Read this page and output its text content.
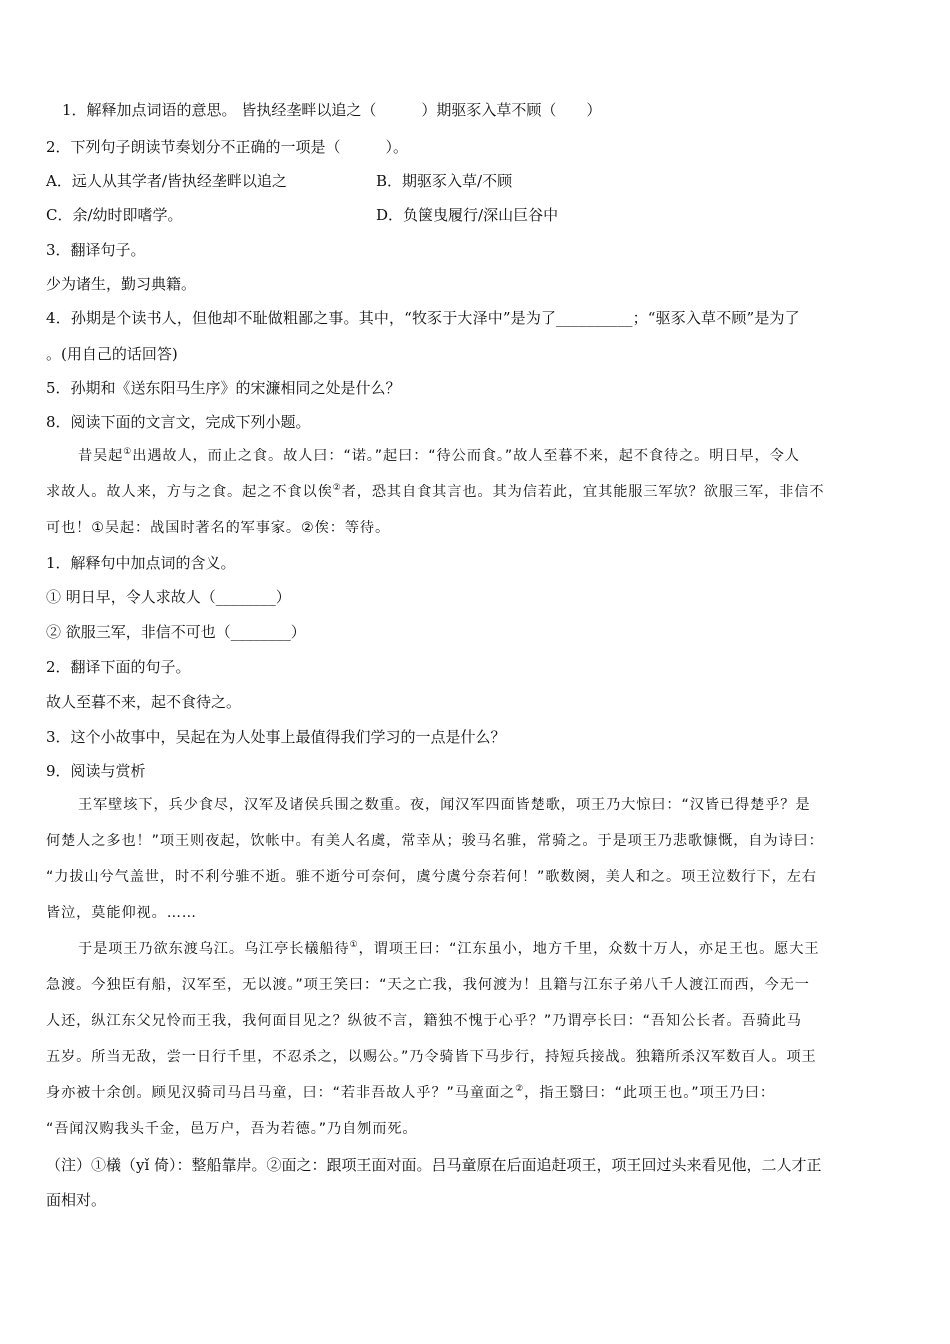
1．解释加点词语的意思。 皆执经垄畔以追之（　　　）期驱豕入草不顾（　　）
2．下列句子朗读节奏划分不正确的一项是（　　　）。
A．远人从其学者/皆执经垄畔以追之	B．期驱豕入草/不顾
C．余/幼时即嗜学。	D．负箧曳履行/深山巨谷中
3．翻译句子。
少为诸生，勤习典籍。
4．孙期是个读书人，但他却不耻做粗鄙之事。其中，“牧豕于大泽中”是为了__________；“驱豕入草不顾”是为了
。(用自己的话回答)
5．孙期和《送东阳马生序》的宋濂相同之处是什么？
8．阅读下面的文言文，完成下列小题。
昔吴起①出遇故人，而止之食。故人曰：“诺。”起曰：“待公而食。”故人至暮不来，起不食待之。明日早，令人
求故人。故人来，方与之食。起之不食以俟②者，恐其自食其言也。其为信若此，宜其能服三军欤？欲服三军，非信不
可也！①吴起：战国时著名的军事家。②俟：等待。
1．解释句中加点词的含义。
① 明日早，令人求故人（________）
② 欲服三军，非信不可也（________）
2．翻译下面的句子。
故人至暮不来，起不食待之。
3．这个小故事中，吴起在为人处事上最值得我们学习的一点是什么？
9．阅读与赏析
王军壁垓下，兵少食尽，汉军及诸侯兵围之数重。夜，闻汉军四面皆楚歌，项王乃大惊曰：“汉皆已得楚乎？是
何楚人之多也！”项王则夜起，饮帐中。有美人名虞，常幸从；骏马名骓，常骑之。于是项王乃悲歌慷慨，自为诗曰：
“力拔山兮气盖世，时不利兮骓不逝。骓不逝兮可奈何，虞兮虞兮奈若何！”歌数阕，美人和之。项王泣数行下，左右
皆泣，莫能仰视。……
于是项王乃欲东渡乌江。乌江亭长檥船待①，谓项王曰：“江东虽小，地方千里，众数十万人，亦足王也。愿大王
急渡。今独臣有船，汉军至，无以渡。”项王笑曰：“天之亡我，我何渡为！且籍与江东子弟八千人渡江而西，今无一
人还，纵江东父兄怜而王我，我何面目见之？纵彼不言，籍独不愧于心乎？”乃谓亭长曰：“吾知公长者。吾骑此马
五岁。所当无敌，尝一日行千里，不忍杀之，以赐公。”乃令骑皆下马步行，持短兵接战。独籍所杀汉军数百人。项王
身亦被十余创。顾见汉骑司马吕马童，曰：“若非吾故人乎？”马童面之②，指王翳曰：“此项王也。”项王乃曰：
“吾闻汉购我头千金，邑万户，吾为若德。”乃自刎而死。
（注）①檥（yǐ 倚）：整船靠岸。②面之：跟项王面对面。吕马童原在后面追赶项王，项王回过头来看见他，二人才正
面相对。
